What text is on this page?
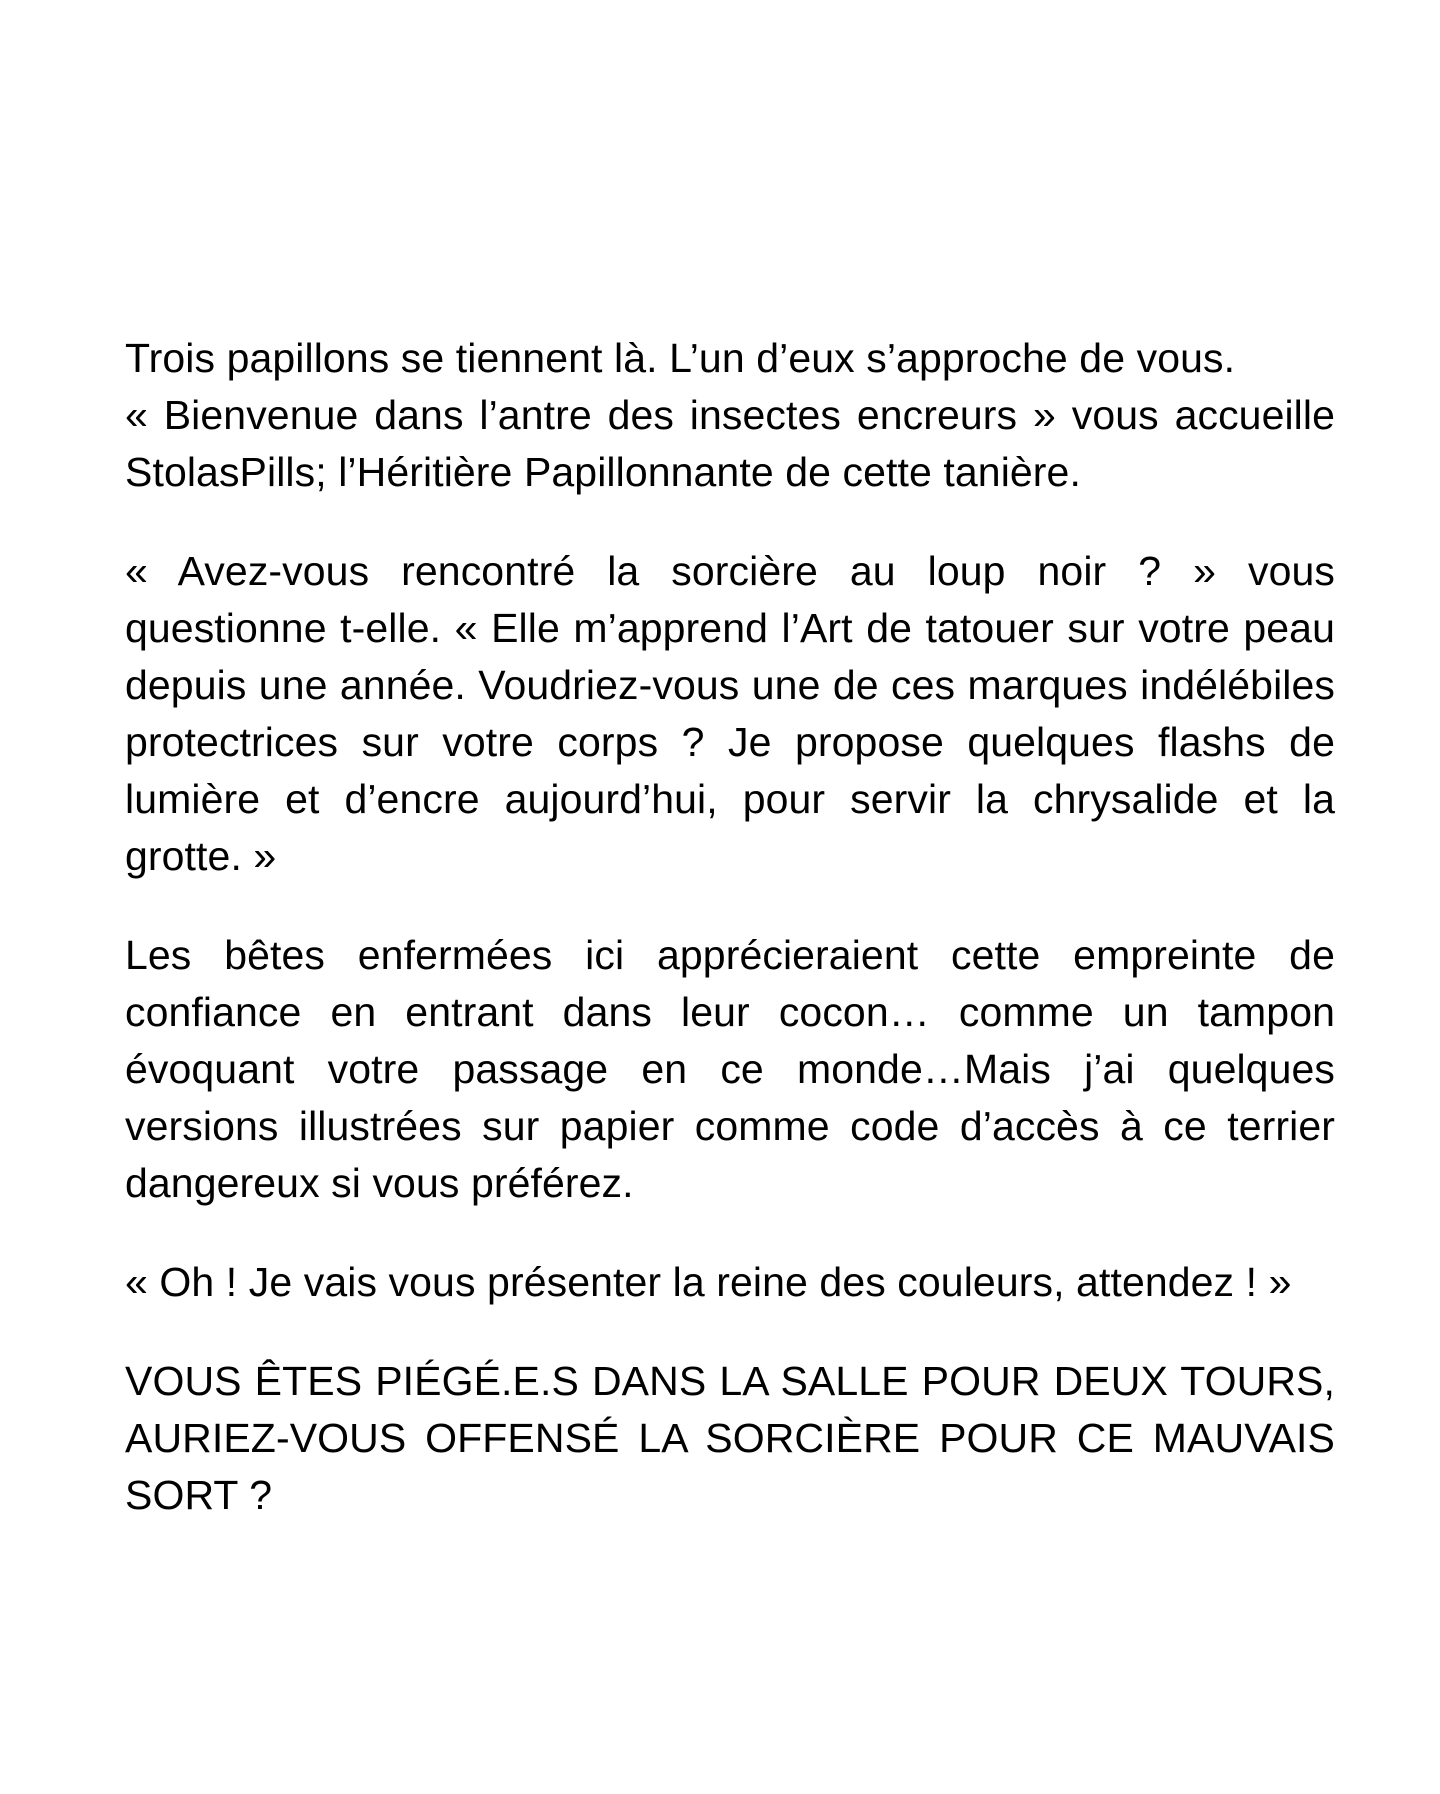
Trois papillons se tiennent là. L’un d’eux s’approche de vous.

« Bienvenue dans l’antre des insectes encreurs » vous accueille StolasPills; l’Héritière Papillonnante de cette tanière.

« Avez-vous rencontré la sorcière au loup noir ? » vous questionne t-elle. « Elle m’apprend l’Art de tatouer sur votre peau depuis une année. Voudriez-vous une de ces marques indélébiles protectrices sur votre corps ? Je propose quelques flashs de lumière et d’encre aujourd’hui, pour servir la chrysalide et la grotte. »

Les bêtes enfermées ici apprécieraient cette empreinte de confiance en entrant dans leur cocon… comme un tampon évoquant votre passage en ce monde…Mais j’ai quelques versions illustrées sur papier comme code d’accès à ce terrier dangereux si vous préférez.

« Oh ! Je vais vous présenter la reine des couleurs, attendez ! »

VOUS ÊTES PIÉGÉ.E.S DANS LA SALLE POUR DEUX TOURS, AURIEZ-VOUS OFFENSÉ LA SORCIÈRE POUR CE MAUVAIS SORT ?
